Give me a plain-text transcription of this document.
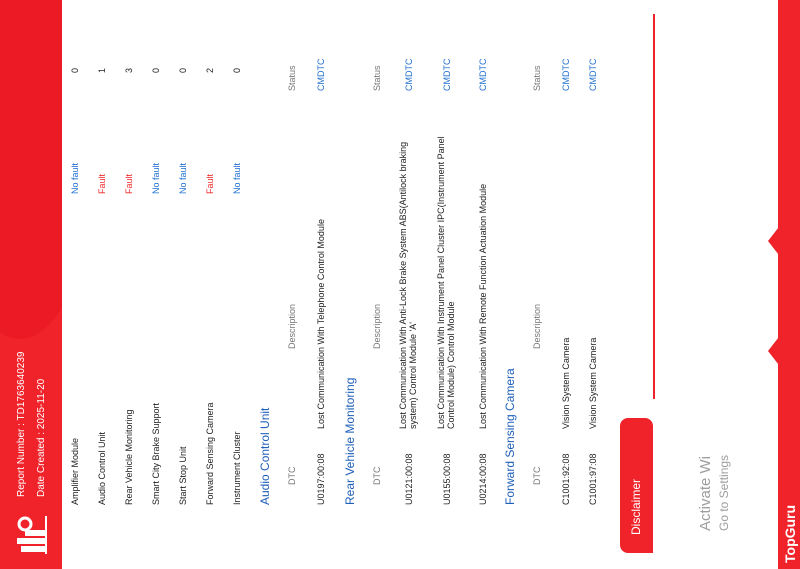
Report Number : TD1763640239 Date Created : 2025-11-20	Amplifier Module
No fault
0
Audio Control Unit
Fault
1
Rear Vehicle Monitoring
Fault
3
Smart City Brake Support
No fault
0
Start Stop Unit
No fault
0
Forward Sensing Camera
Fault
2
Instrument Cluster
No fault
0
Audio Control Unit DTC
Description
Status
U0197:00:08
Lost Communication With Telephone Control Module
CMDTC
Rear Vehicle Monitoring DTC
Description
Status
U0121:00:08
Lost Communication With Anti-Lock Brake System ABS(Antilock braking system) Control Module 'A'
CMDTC
U0155:00:08
Lost Communication With Instrument Panel Cluster IPC(Instrument Panel Control Module) Control Module
CMDTC
U0214:00:08
Lost Communication With Remote Function Actuation Module
CMDTC
Forward Sensing Camera DTC
Description
Status
C1001:92:08
Vision System Camera
CMDTC
C1001:97:08
Vision System Camera
CMDTC
Disclaimer	Activate Wi Go to Settings
TopGuru
